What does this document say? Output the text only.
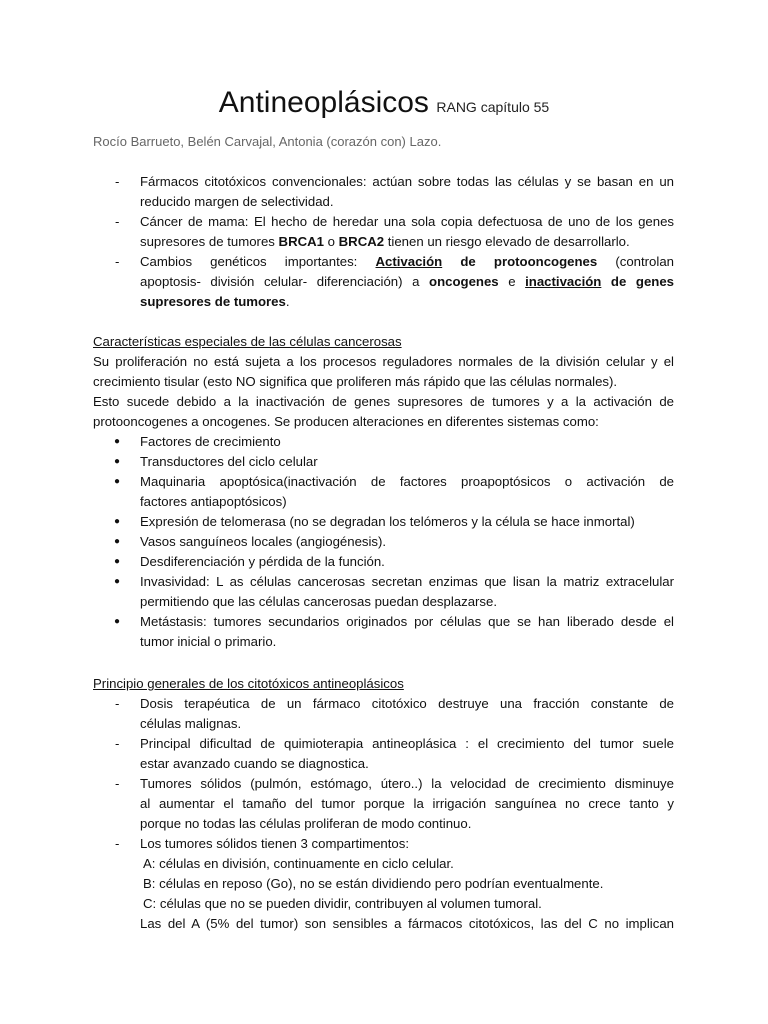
Antineoplásicos RANG capítulo 55
Rocío Barrueto, Belén Carvajal, Antonia (corazón con) Lazo.
- Fármacos citotóxicos convencionales: actúan sobre todas las células y se basan en un
reducido margen de selectividad.
- Cáncer de mama: El hecho de heredar una sola copia defectuosa de uno de los genes
supresores de tumores BRCA1 o BRCA2 tienen un riesgo elevado de desarrollarlo.
- Cambios genéticos importantes: Activación de protooncogenes (controlan
apoptosis- división celular- diferenciación) a oncogenes e inactivación de genes
supresores de tumores.
Características especiales de las células cancerosas
Su proliferación no está sujeta a los procesos reguladores normales de la división celular y el
crecimiento tisular (esto NO significa que proliferen más rápido que las células normales).
Esto sucede debido a la inactivación de genes supresores de tumores y a la activación de
protooncogenes a oncogenes. Se producen alteraciones en diferentes sistemas como:
● Factores de crecimiento
● Transductores del ciclo celular
● Maquinaria apoptósica(inactivación de factores proapoptósicos o activación de
factores antiapoptósicos)
● Expresión de telomerasa (no se degradan los telómeros y la célula se hace inmortal)
● Vasos sanguíneos locales (angiogénesis).
● Desdiferenciación y pérdida de la función.
● Invasividad: L as células cancerosas secretan enzimas que lisan la matriz extracelular
permitiendo que las células cancerosas puedan desplazarse.
● Metástasis: tumores secundarios originados por células que se han liberado desde el
tumor inicial o primario.
Principio generales de los citotóxicos antineoplásicos
- Dosis terapéutica de un fármaco citotóxico destruye una fracción constante de
células malignas.
- Principal dificultad de quimioterapia antineoplásica : el crecimiento del tumor suele
estar avanzado cuando se diagnostica.
- Tumores sólidos (pulmón, estómago, útero..) la velocidad de crecimiento disminuye
al aumentar el tamaño del tumor porque la irrigación sanguínea no crece tanto y
porque no todas las células proliferan de modo continuo.
- Los tumores sólidos tienen 3 compartimentos:
A: células en división, continuamente en ciclo celular.
B: células en reposo (Go), no se están dividiendo pero podrían eventualmente.
C: células que no se pueden dividir, contribuyen al volumen tumoral.
Las del A (5% del tumor) son sensibles a fármacos citotóxicos, las del C no implican
